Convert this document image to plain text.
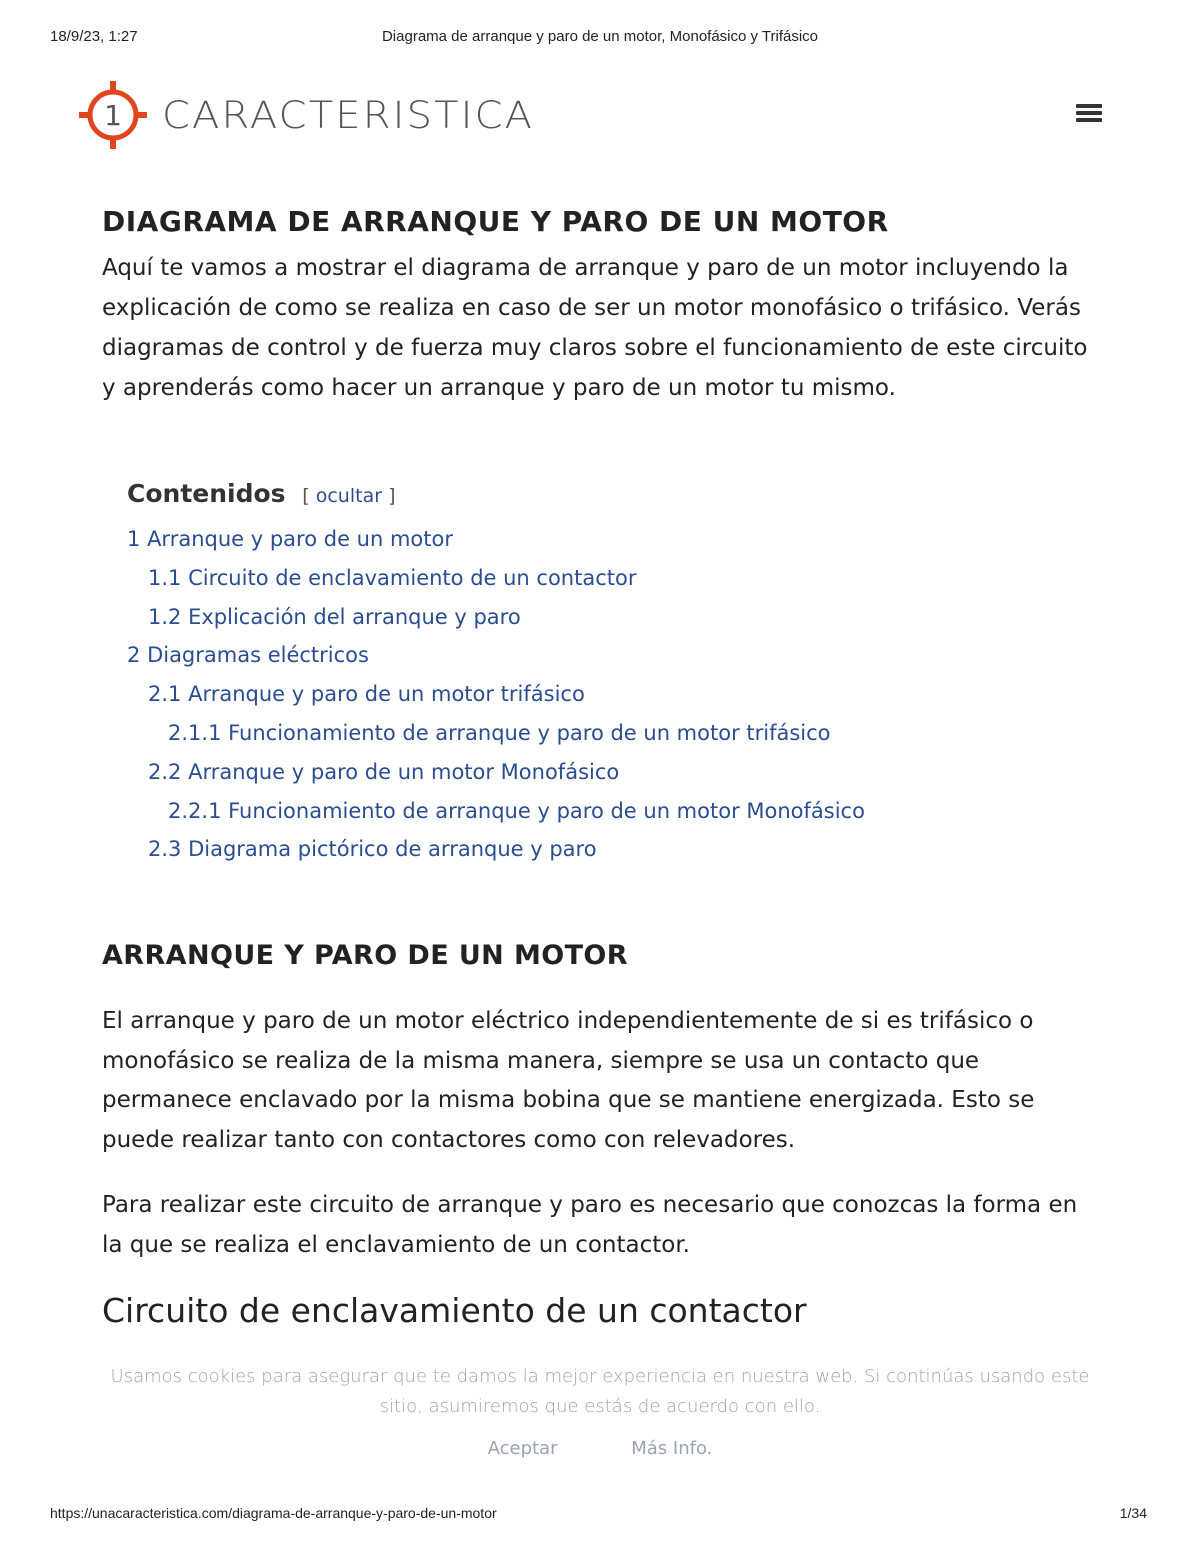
18/9/23, 1:27	Diagrama de arranque y paro de un motor, Monofásico y Trifásico
1 CARACTERISTICA
DIAGRAMA DE ARRANQUE Y PARO DE UN MOTOR

Aquí te vamos a mostrar el diagrama de arranque y paro de un motor incluyendo la explicación de como se realiza en caso de ser un motor monofásico o trifásico. Verás diagramas de control y de fuerza muy claros sobre el funcionamiento de este circuito y aprenderás como hacer un arranque y paro de un motor tu mismo.

Contenidos [ ocultar ]
1 Arranque y paro de un motor
1.1 Circuito de enclavamiento de un contactor
1.2 Explicación del arranque y paro
2 Diagramas eléctricos
2.1 Arranque y paro de un motor trifásico
2.1.1 Funcionamiento de arranque y paro de un motor trifásico
2.2 Arranque y paro de un motor Monofásico
2.2.1 Funcionamiento de arranque y paro de un motor Monofásico
2.3 Diagrama pictórico de arranque y paro
ARRANQUE Y PARO DE UN MOTOR

El arranque y paro de un motor eléctrico independientemente de si es trifásico o monofásico se realiza de la misma manera, siempre se usa un contacto que permanece enclavado por la misma bobina que se mantiene energizada. Esto se puede realizar tanto con contactores como con relevadores.

Para realizar este circuito de arranque y paro es necesario que conozcas la forma en la que se realiza el enclavamiento de un contactor.

Circuito de enclavamiento de un contactor
Usamos cookies para asegurar que te damos la mejor experiencia en nuestra web. Si continúas usando este sitio, asumiremos que estás de acuerdo con ello.
Aceptar	Más Info.
https://unacaracteristica.com/diagrama-de-arranque-y-paro-de-un-motor	1/34
